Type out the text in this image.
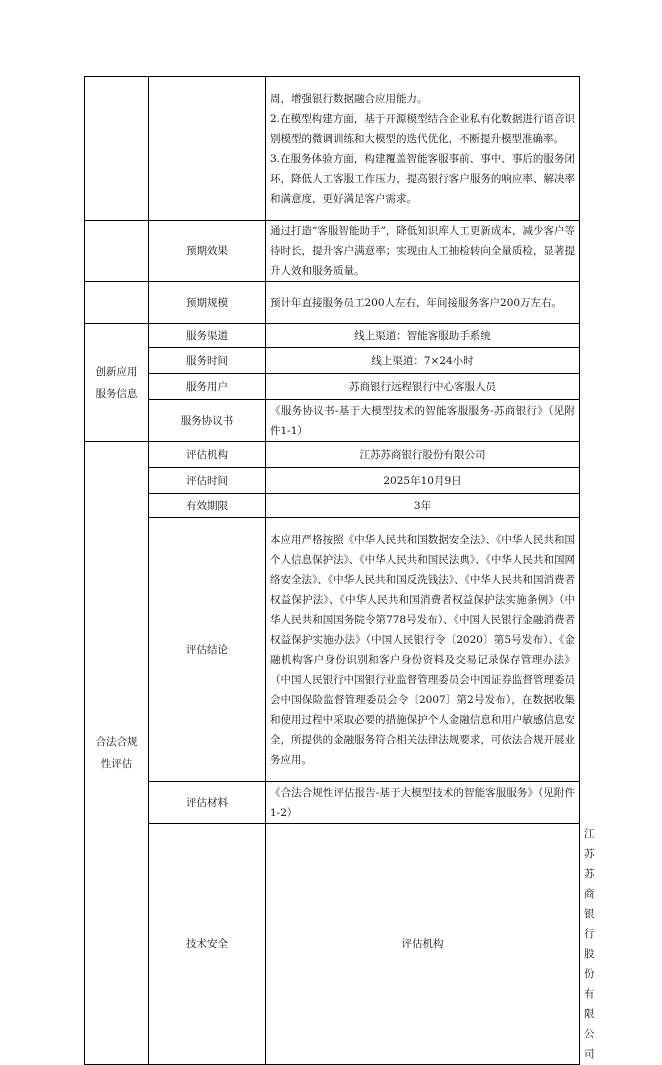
		周，增强银行数据融合应用能力。
2.在模型构建方面，基于开源模型结合企业私有化数据进行语音识别模型的微调训练和大模型的迭代优化，不断提升模型准确率。
3.在服务体验方面，构建覆盖智能客服事前、事中、事后的服务闭环，降低人工客服工作压力，提高银行客户服务的响应率、解决率和满意度，更好满足客户需求。	

	预期效果	通过打造“客服智能助手”，降低知识库人工更新成本，减少客户等待时长，提升客户满意率；实现由人工抽检转向全量质检，显著提升人效和服务质量。	
	预期规模	预计年直接服务员工200人左右，年间接服务客户200万左右。	
创新应用服务信息	服务渠道	线上渠道：智能客服助手系统	
	服务时间	线上渠道：7×24小时	
	服务用户	苏商银行远程银行中心客服人员	
	服务协议书	《服务协议书-基于大模型技术的智能客服服务-苏商银行》（见附件1-1）	
合法合规性评估	评估机构	江苏苏商银行股份有限公司	
	评估时间	2025年10月9日	
	有效期限	3年	
	评估结论	本应用严格按照《中华人民共和国数据安全法》、《中华人民共和国个人信息保护法》、《中华人民共和国民法典》、《中华人民共和国网络安全法》、《中华人民共和国反洗钱法》、《中华人民共和国消费者权益保护法》、《中华人民共和国消费者权益保护法实施条例》（中华人民共和国国务院令第778号发布）、《中国人民银行金融消费者权益保护实施办法》（中国人民银行令〔2020〕第5号发布）、《金融机构客户身份识别和客户身份资料及交易记录保存管理办法》（中国人民银行中国银行业监督管理委员会中国证券监督管理委员会中国保险监督管理委员会令〔2007〕第2号发布），在数据收集和使用过程中采取必要的措施保护个人金融信息和用户敏感信息安全，所提供的金融服务符合相关法律法规要求，可依法合规开展业务应用。	
	评估材料	《合法合规性评估报告-基于大模型技术的智能客服服务》（见附件1-2）	
	技术安全	评估机构	江苏苏商银行股份有限公司
